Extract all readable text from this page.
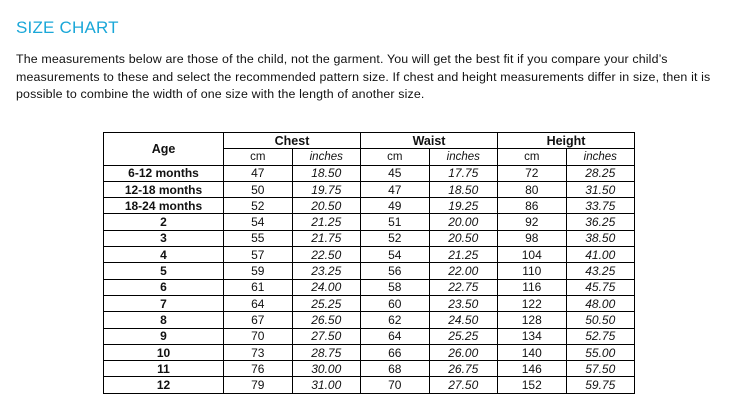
SIZE CHART

The measurements below are those of the child, not the garment. You will get the best fit if you compare your child’s measurements to these and select the recommended pattern size. If chest and height measurements differ in size, then it is possible to combine the width of one size with the length of another size.

Age	Chest		Waist		Height	
	cm	inches	cm	inches	cm	inches
6-12 months	47	18.50	45	17.75	72	28.25
12-18 months	50	19.75	47	18.50	80	31.50
18-24 months	52	20.50	49	19.25	86	33.75
2	54	21.25	51	20.00	92	36.25
3	55	21.75	52	20.50	98	38.50
4	57	22.50	54	21.25	104	41.00
5	59	23.25	56	22.00	110	43.25
6	61	24.00	58	22.75	116	45.75
7	64	25.25	60	23.50	122	48.00
8	67	26.50	62	24.50	128	50.50
9	70	27.50	64	25.25	134	52.75
10	73	28.75	66	26.00	140	55.00
11	76	30.00	68	26.75	146	57.50
12	79	31.00	70	27.50	152	59.75
